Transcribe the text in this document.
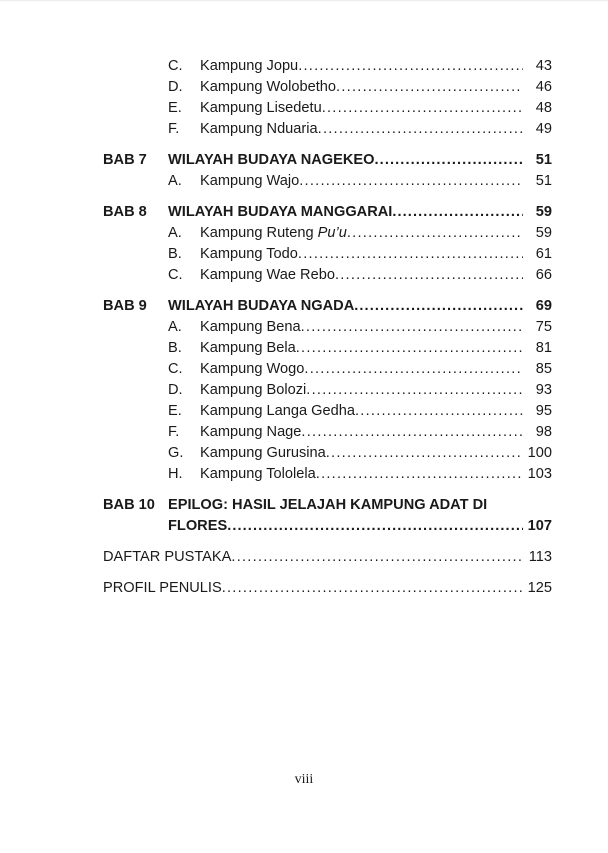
C.	Kampung Jopu .....	43
D.	Kampung Wolobetho .....	46
E.	Kampung Lisedetu .....	48
F.	Kampung Nduaria .....	49
BAB 7	WILAYAH BUDAYA NAGEKEO .....	51
A.	Kampung Wajo .....	51
BAB 8	WILAYAH BUDAYA MANGGARAI .....	59
A.	Kampung Ruteng Pu’u .....	59
B.	Kampung Todo .....	61
C.	Kampung Wae Rebo .....	66
BAB 9	WILAYAH BUDAYA NGADA .....	69
A.	Kampung Bena .....	75
B.	Kampung Bela .....	81
C.	Kampung Wogo .....	85
D.	Kampung Bolozi .....	93
E.	Kampung Langa Gedha .....	95
F.	Kampung Nage .....	98
G.	Kampung Gurusina .....	100
H.	Kampung Tololela .....	103
BAB 10 EPILOG: HASIL JELAJAH KAMPUNG ADAT DI
FLORES .....	107
DAFTAR PUSTAKA .....	113
PROFIL PENULIS .....	125
viii
